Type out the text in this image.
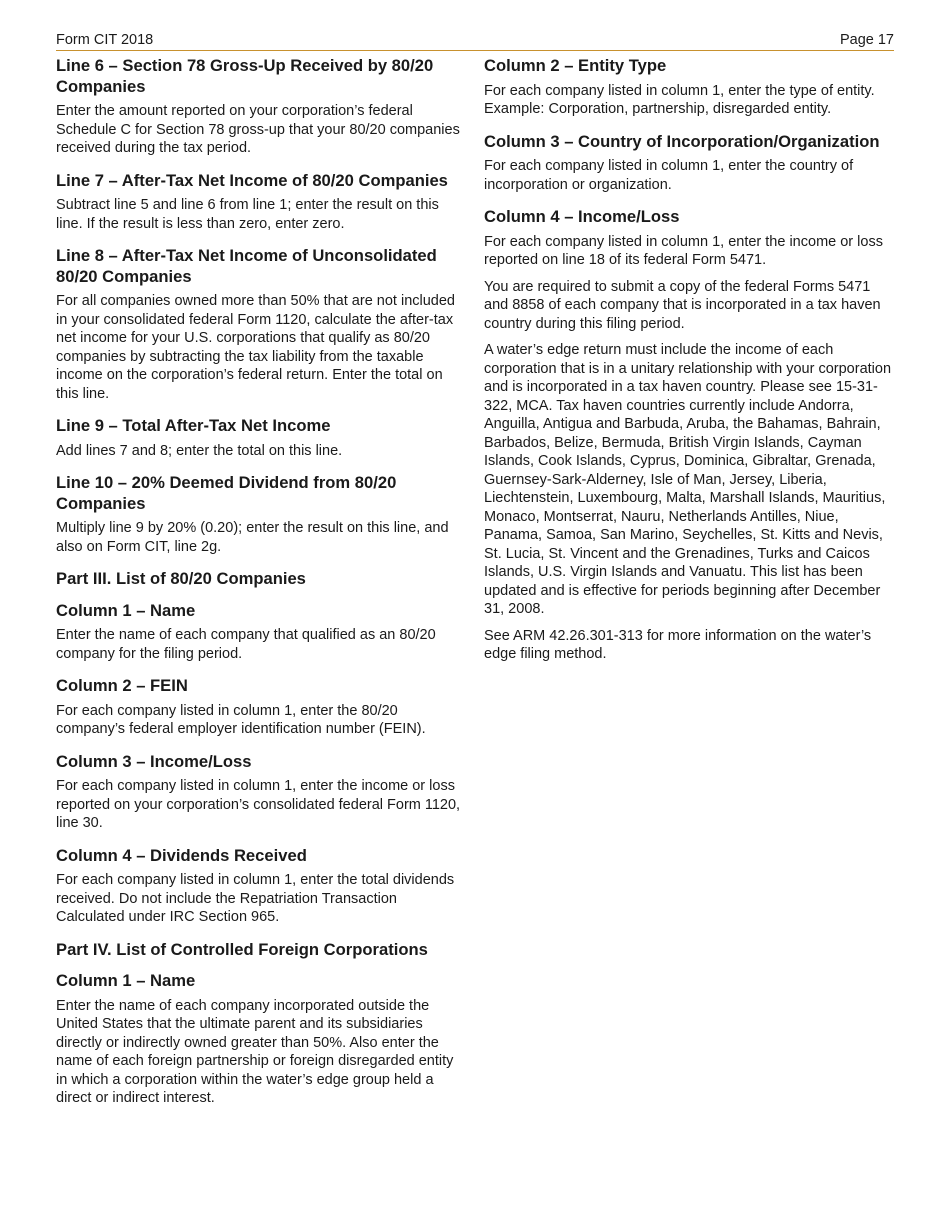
Form CIT 2018	Page 17
Line 6 – Section 78 Gross-Up Received by 80/20 Companies

Enter the amount reported on your corporation’s federal Schedule C for Section 78 gross-up that your 80/20 companies received during the tax period.

Line 7 – After-Tax Net Income of 80/20 Companies

Subtract line 5 and line 6 from line 1; enter the result on this line. If the result is less than zero, enter zero.

Line 8 – After-Tax Net Income of Unconsolidated 80/20 Companies

For all companies owned more than 50% that are not included in your consolidated federal Form 1120, calculate the after-tax net income for your U.S. corporations that qualify as 80/20 companies by subtracting the tax liability from the taxable income on the corporation’s federal return. Enter the total on this line.

Line 9 – Total After-Tax Net Income

Add lines 7 and 8; enter the total on this line.

Line 10 – 20% Deemed Dividend from 80/20 Companies

Multiply line 9 by 20% (0.20); enter the result on this line, and also on Form CIT, line 2g.

Part III. List of 80/20 Companies
Column 1 – Name

Enter the name of each company that qualified as an 80/20 company for the filing period.

Column 2 – FEIN

For each company listed in column 1, enter the 80/20 company’s federal employer identification number (FEIN).

Column 3 – Income/Loss

For each company listed in column 1, enter the income or loss reported on your corporation’s consolidated federal Form 1120, line 30.

Column 4 – Dividends Received

For each company listed in column 1, enter the total dividends received. Do not include the Repatriation Transaction Calculated under IRC Section 965.

Part IV. List of Controlled Foreign Corporations
Column 1 – Name

Enter the name of each company incorporated outside the United States that the ultimate parent and its subsidiaries directly or indirectly owned greater than 50%. Also enter the name of each foreign partnership or foreign disregarded entity in which a corporation within the water’s edge group held a direct or indirect interest.

Column 2 – Entity Type

For each company listed in column 1, enter the type of entity. Example: Corporation, partnership, disregarded entity.

Column 3 – Country of Incorporation/Organization

For each company listed in column 1, enter the country of incorporation or organization.

Column 4 – Income/Loss

For each company listed in column 1, enter the income or loss reported on line 18 of its federal Form 5471.

You are required to submit a copy of the federal Forms 5471 and 8858 of each company that is incorporated in a tax haven country during this filing period.

A water’s edge return must include the income of each corporation that is in a unitary relationship with your corporation and is incorporated in a tax haven country. Please see 15-31-322, MCA. Tax haven countries currently include Andorra, Anguilla, Antigua and Barbuda, Aruba, the Bahamas, Bahrain, Barbados, Belize, Bermuda, British Virgin Islands, Cayman Islands, Cook Islands, Cyprus, Dominica, Gibraltar, Grenada, Guernsey-Sark-Alderney, Isle of Man, Jersey, Liberia, Liechtenstein, Luxembourg, Malta, Marshall Islands, Mauritius, Monaco, Montserrat, Nauru, Netherlands Antilles, Niue, Panama, Samoa, San Marino, Seychelles, St. Kitts and Nevis, St. Lucia, St. Vincent and the Grenadines, Turks and Caicos Islands, U.S. Virgin Islands and Vanuatu. This list has been updated and is effective for periods beginning after December 31, 2008.

See ARM 42.26.301-313 for more information on the water’s edge filing method.
